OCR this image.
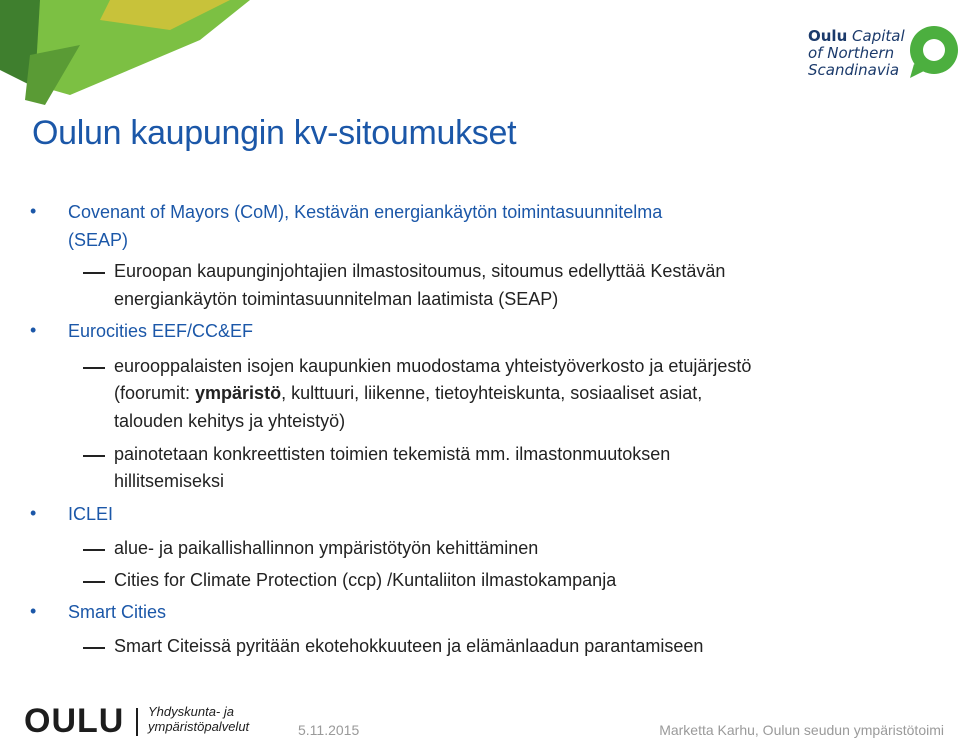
Oulu Capital
of Northern
Scandinavia
Oulun kaupungin kv-sitoumukset
• Covenant of Mayors (CoM), Kestävän energiankäytön toimintasuunnitelma
(SEAP)
Euroopan kaupunginjohtajien ilmastositoumus, sitoumus edellyttää Kestävän
energiankäytön toimintasuunnitelman laatimista (SEAP)
• Eurocities EEF/CC&EF
eurooppalaisten isojen kaupunkien muodostama yhteistyöverkosto ja etujärjestö
(foorumit: ympäristö, kulttuuri, liikenne, tietoyhteiskunta, sosiaaliset asiat,
talouden kehitys ja yhteistyö)
painotetaan konkreettisten toimien tekemistä mm. ilmastonmuutoksen
hillitsemiseksi
• ICLEI
alue- ja paikallishallinnon ympäristötyön kehittäminen
Cities for Climate Protection (ccp) /Kuntaliiton ilmastokampanja
• Smart Cities
Smart Citeissä pyritään ekotehokkuuteen ja elämänlaadun parantamiseen
OULU Yhdyskunta- ja
ympäristöpalvelut	5.11.2015	Marketta Karhu, Oulun seudun ympäristötoimi
